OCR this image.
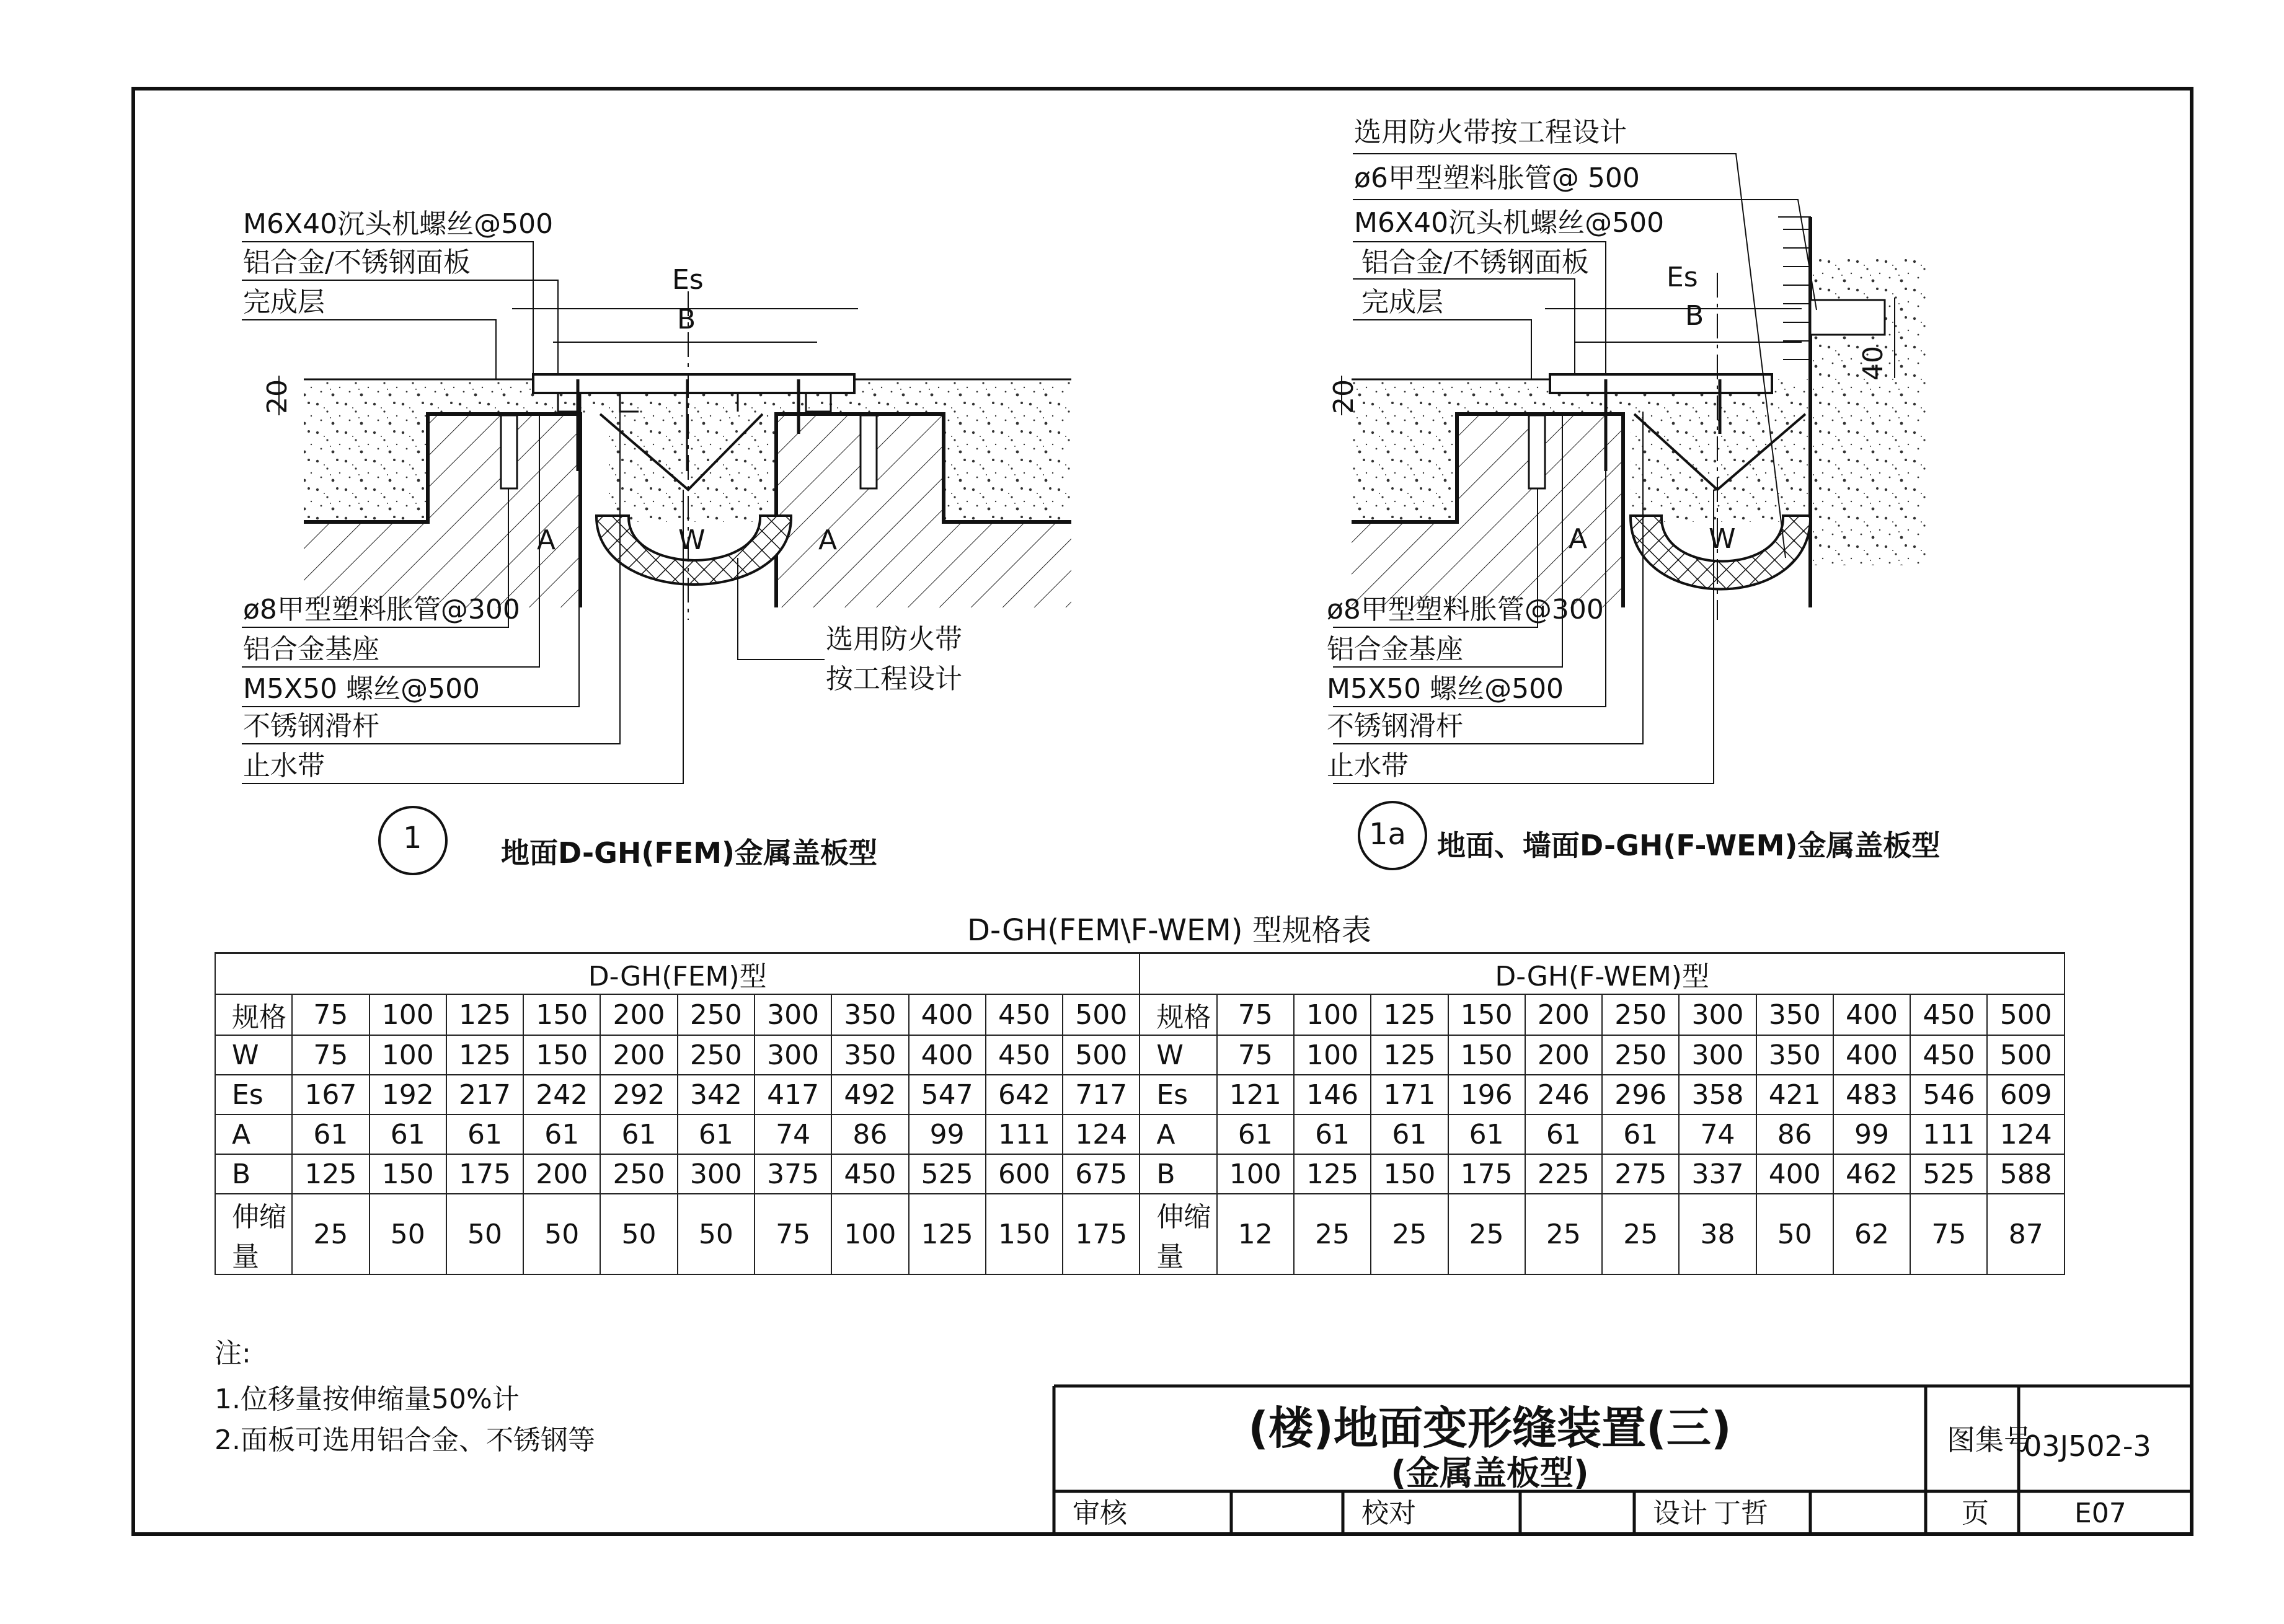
M6X40沉头机螺丝@500
铝合金/不锈钢面板
完成层
Es
B
20
A	A
W
ø8甲型塑料胀管@300
铝合金基座
M5X50 螺丝@500
不锈钢滑杆
止水带
选用防火带
按工程设计
1	地面D-GH(FEM)金属盖板型
选用防火带按工程设计
ø6甲型塑料胀管@ 500
M6X40沉头机螺丝@500
铝合金/不锈钢面板
完成层
Es
B
20
40
A	W
ø8甲型塑料胀管@300
铝合金基座
M5X50 螺丝@500
不锈钢滑杆
止水带
1a 地面、墙面D-GH(F-WEM)金属盖板型
D-GH(FEM\F-WEM) 型规格表
D-GH(FEM)型												D-GH(F-WEM)型											
规格	75	100	125	150	200	250	300	350	400	450	500	规格	75	100	125	150	200	250	300	350	400	450	500
W	75	100	125	150	200	250	300	350	400	450	500	W	75	100	125	150	200	250	300	350	400	450	500
Es	167	192	217	242	292	342	417	492	547	642	717	Es	121	146	171	196	246	296	358	421	483	546	609
A	61	61	61	61	61	61	74	86	99	111	124	A	61	61	61	61	61	61	74	86	99	111	124
B	125	150	175	200	250	300	375	450	525	600	675	B	100	125	150	175	225	275	337	400	462	525	588
伸缩量	25	50	50	50	50	50	75	100	125	150	175	伸缩量	12	25	25	25	25	25	38	50	62	75	87
注:
1.位移量按伸缩量50%计
2.面板可选用铝合金、不锈钢等	(楼)地面变形缝装置(三)
(金属盖板型)
图集号
03J502-3
审核	校对	设计 丁哲	页	E07
